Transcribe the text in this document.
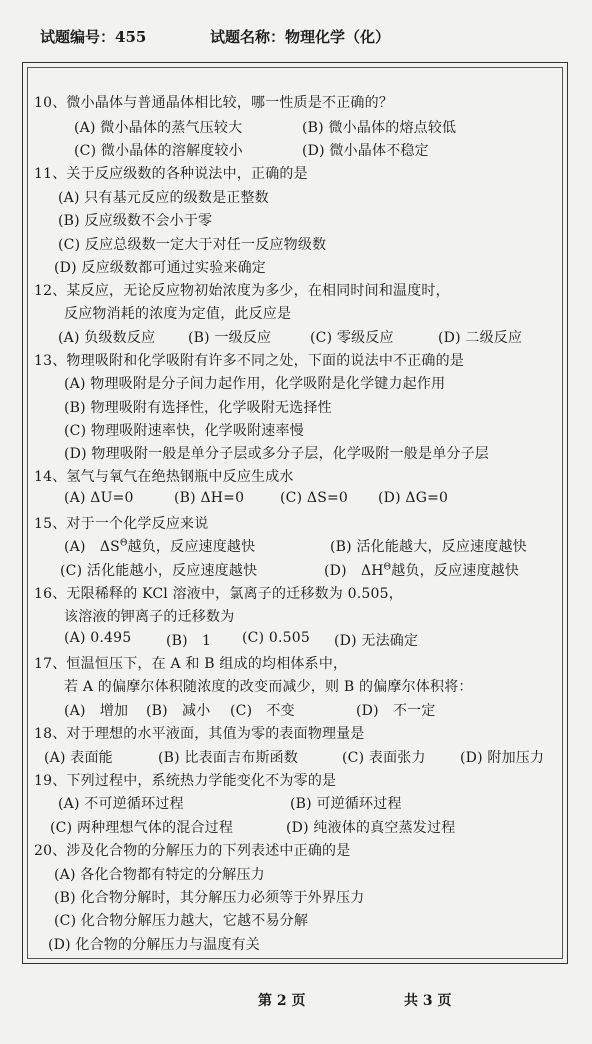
试题编号：455	试题名称：物理化学（化）
10、微小晶体与普通晶体相比较，哪一性质是不正确的？
(A) 微小晶体的蒸气压较大	(B) 微小晶体的熔点较低
(C) 微小晶体的溶解度较小	(D) 微小晶体不稳定
11、关于反应级数的各种说法中，正确的是
(A) 只有基元反应的级数是正整数
(B) 反应级数不会小于零
(C) 反应总级数一定大于对任一反应物级数
(D) 反应级数都可通过实验来确定
12、某反应，无论反应物初始浓度为多少，在相同时间和温度时，
反应物消耗的浓度为定值，此反应是
(A) 负级数反应 (B) 一级反应	(C) 零级反应	(D) 二级反应
13、物理吸附和化学吸附有许多不同之处，下面的说法中不正确的是
(A) 物理吸附是分子间力起作用，化学吸附是化学键力起作用
(B) 物理吸附有选择性，化学吸附无选择性
(C) 物理吸附速率快，化学吸附速率慢
(D) 物理吸附一般是单分子层或多分子层，化学吸附一般是单分子层
14、氢气与氧气在绝热钢瓶中反应生成水
(A) ΔU=0	(B) ΔH=0	(C) ΔS=0 (D) ΔG=0
15、对于一个化学反应来说
(A)　$\Delta S^\Theta$越负，反应速度越快	(B) 活化能越大，反应速度越快
(C) 活化能越小，反应速度越快	(D)　$\Delta H^\Theta$越负，反应速度越快
16、无限稀释的 KCl 溶液中，氯离子的迁移数为 0.505，
该溶液的钾离子的迁移数为
(A) 0.495 (B)　1 (C) 0.505 (D) 无法确定
17、恒温恒压下，在 A 和 B 组成的均相体系中，
若 A 的偏摩尔体积随浓度的改变而减少，则 B 的偏摩尔体积将：
(A)　增加 (B)　减小 (C)　不变	(D)　不一定
18、对于理想的水平液面，其值为零的表面物理量是
(A) 表面能	(B) 比表面吉布斯函数	(C) 表面张力 (D) 附加压力
19、下列过程中，系统热力学能变化不为零的是
(A) 不可逆循环过程	(B) 可逆循环过程
(C) 两种理想气体的混合过程	(D) 纯液体的真空蒸发过程
20、涉及化合物的分解压力的下列表述中正确的是
(A) 各化合物都有特定的分解压力
(B) 化合物分解时，其分解压力必须等于外界压力
(C) 化合物分解压力越大，它越不易分解
(D) 化合物的分解压力与温度有关
第 2 页	共 3 页
